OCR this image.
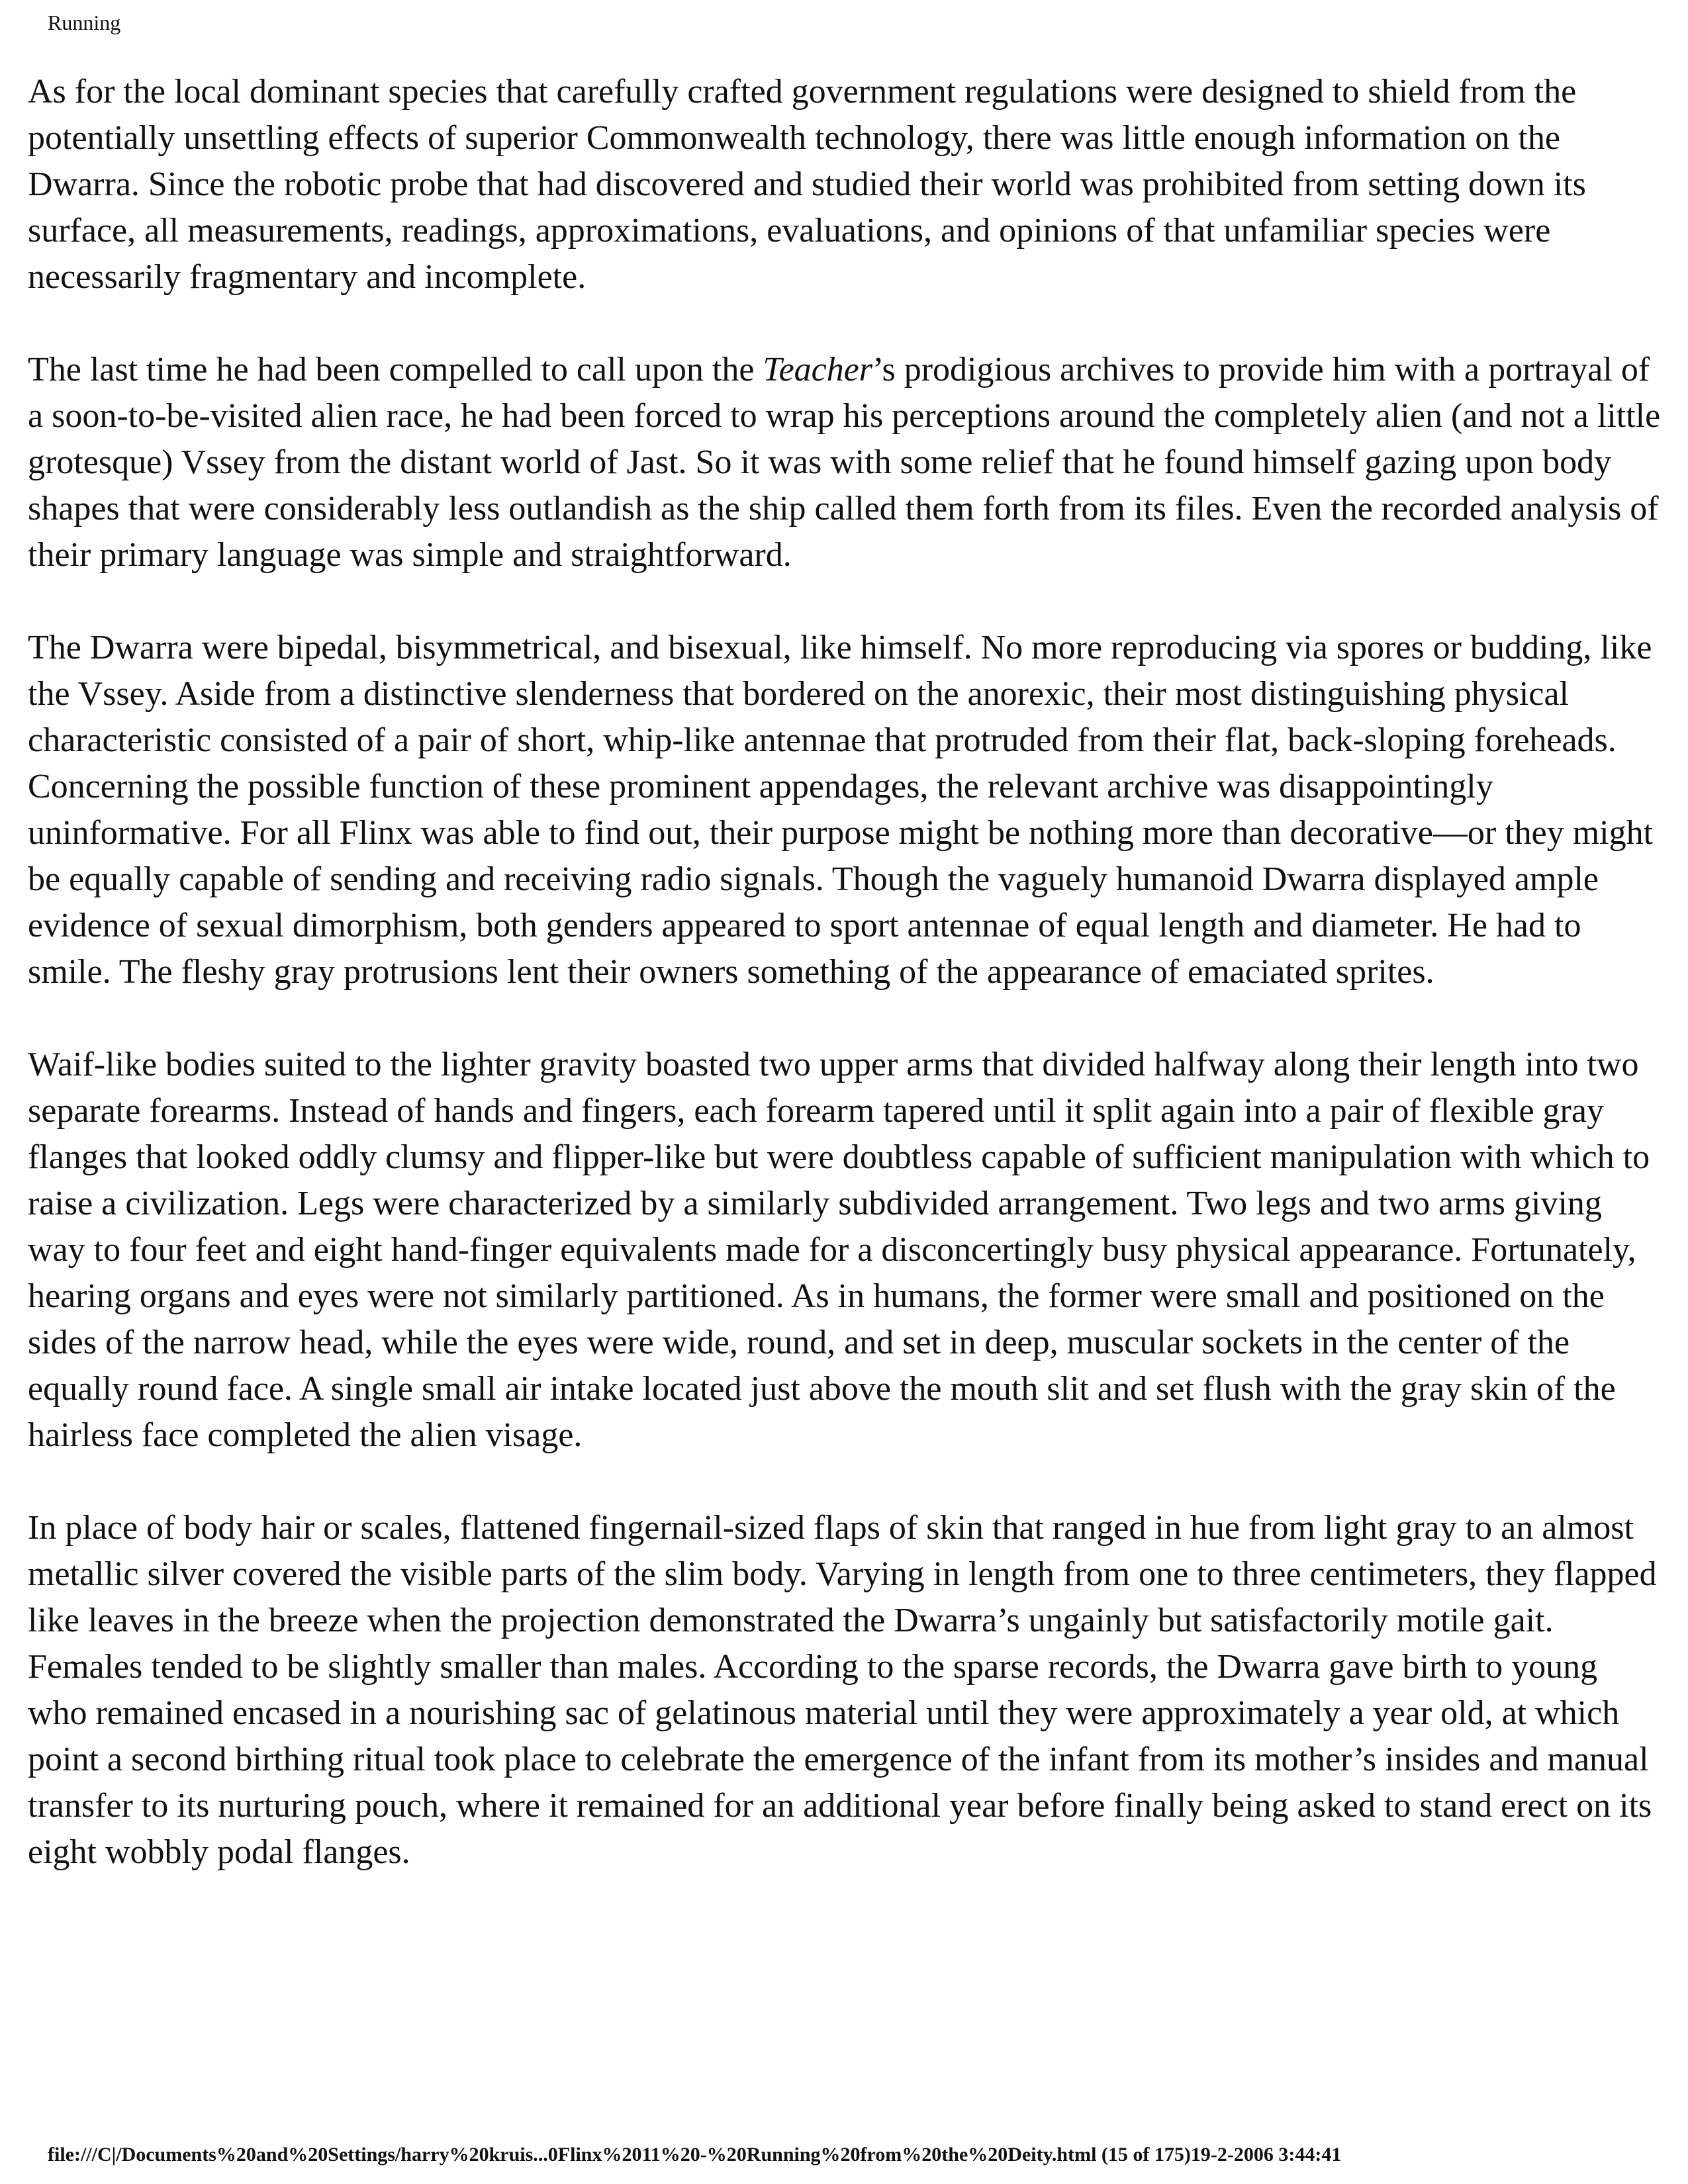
Running

As for the local dominant species that carefully crafted government regulations were designed to shield from the potentially unsettling effects of superior Commonwealth technology, there was little enough information on the Dwarra. Since the robotic probe that had discovered and studied their world was prohibited from setting down its surface, all measurements, readings, approximations, evaluations, and opinions of that unfamiliar species were necessarily fragmentary and incomplete.

The last time he had been compelled to call upon the Teacher’s prodigious archives to provide him with a portrayal of a soon-to-be-visited alien race, he had been forced to wrap his perceptions around the completely alien (and not a little grotesque) Vssey from the distant world of Jast. So it was with some relief that he found himself gazing upon body shapes that were considerably less outlandish as the ship called them forth from its files. Even the recorded analysis of their primary language was simple and straightforward.

The Dwarra were bipedal, bisymmetrical, and bisexual, like himself. No more reproducing via spores or budding, like the Vssey. Aside from a distinctive slenderness that bordered on the anorexic, their most distinguishing physical characteristic consisted of a pair of short, whip-like antennae that protruded from their flat, back-sloping foreheads. Concerning the possible function of these prominent appendages, the relevant archive was disappointingly uninformative. For all Flinx was able to find out, their purpose might be nothing more than decorative—or they might be equally capable of sending and receiving radio signals. Though the vaguely humanoid Dwarra displayed ample evidence of sexual dimorphism, both genders appeared to sport antennae of equal length and diameter. He had to smile. The fleshy gray protrusions lent their owners something of the appearance of emaciated sprites.

Waif-like bodies suited to the lighter gravity boasted two upper arms that divided halfway along their length into two separate forearms. Instead of hands and fingers, each forearm tapered until it split again into a pair of flexible gray flanges that looked oddly clumsy and flipper-like but were doubtless capable of sufficient manipulation with which to raise a civilization. Legs were characterized by a similarly subdivided arrangement. Two legs and two arms giving way to four feet and eight hand-finger equivalents made for a disconcertingly busy physical appearance. Fortunately, hearing organs and eyes were not similarly partitioned. As in humans, the former were small and positioned on the sides of the narrow head, while the eyes were wide, round, and set in deep, muscular sockets in the center of the equally round face. A single small air intake located just above the mouth slit and set flush with the gray skin of the hairless face completed the alien visage.

In place of body hair or scales, flattened fingernail-sized flaps of skin that ranged in hue from light gray to an almost metallic silver covered the visible parts of the slim body. Varying in length from one to three centimeters, they flapped like leaves in the breeze when the projection demonstrated the Dwarra’s ungainly but satisfactorily motile gait. Females tended to be slightly smaller than males. According to the sparse records, the Dwarra gave birth to young who remained encased in a nourishing sac of gelatinous material until they were approximately a year old, at which point a second birthing ritual took place to celebrate the emergence of the infant from its mother’s insides and manual transfer to its nurturing pouch, where it remained for an additional year before finally being asked to stand erect on its eight wobbly podal flanges.

file:///C|/Documents%20and%20Settings/harry%20kruis...0Flinx%2011%20-%20Running%20from%20the%20Deity.html (15 of 175)19-2-2006 3:44:41
